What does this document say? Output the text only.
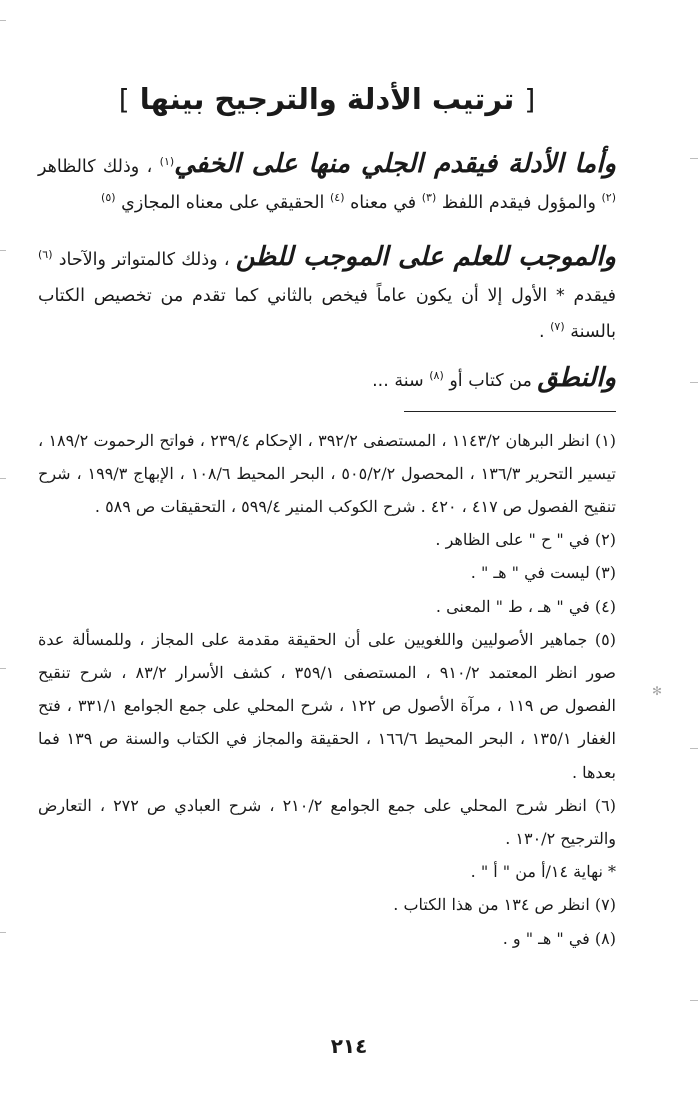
✻
[ ترتيب الأدلة والترجيح بينها ]

وأما الأدلة فيقدم الجلي منها على الخفي$^{(١)}$ ، وذلك كالظاهر $^{(٢)}$ والمؤول فيقدم اللفظ $^{(٣)}$ في معناه $^{(٤)}$ الحقيقي على معناه المجازي $^{(٥)}$

والموجب للعلم على الموجب للظن ، وذلك كالمتواتر والآحاد $^{(٦)}$ فيقدم * الأول إلا أن يكون عاماً فيخص بالثاني كما تقدم من تخصيص الكتاب بالسنة $^{(٧)}$ .

والنطق من كتاب أو $^{(٨)}$ سنة ...

(١) انظر البرهان ١١٤٣/٢ ، المستصفى ٣٩٢/٢ ، الإحكام ٢٣٩/٤ ، فواتح الرحموت ١٨٩/٢ ، تيسير التحرير ١٣٦/٣ ، المحصول ٥٠٥/٢/٢ ، البحر المحيط ١٠٨/٦ ، الإبهاج ١٩٩/٣ ، شرح تنقيح الفصول ص ٤١٧ ، ٤٢٠ . شرح الكوكب المنير ٥٩٩/٤ ، التحقيقات ص ٥٨٩ .

(٢) في " ح " على الظاهر .

(٣) ليست في " هـ " .

(٤) في " هـ ، ط " المعنى .

(٥) جماهير الأصوليين واللغويين على أن الحقيقة مقدمة على المجاز ، وللمسألة عدة صور انظر المعتمد ٩١٠/٢ ، المستصفى ٣٥٩/١ ، كشف الأسرار ٨٣/٢ ، شرح تنقيح الفصول ص ١١٩ ، مرآة الأصول ص ١٢٢ ، شرح المحلي على جمع الجوامع ٣٣١/١ ، فتح الغفار ١٣٥/١ ، البحر المحيط ١٦٦/٦ ، الحقيقة والمجاز في الكتاب والسنة ص ١٣٩ فما بعدها .

(٦) انظر شرح المحلي على جمع الجوامع ٢١٠/٢ ، شرح العبادي ص ٢٧٢ ، التعارض والترجيح ١٣٠/٢ .

* نهاية ١٤/أ من " أ " .

(٧) انظر ص ١٣٤ من هذا الكتاب .

(٨) في " هـ " و .

٢١٤
